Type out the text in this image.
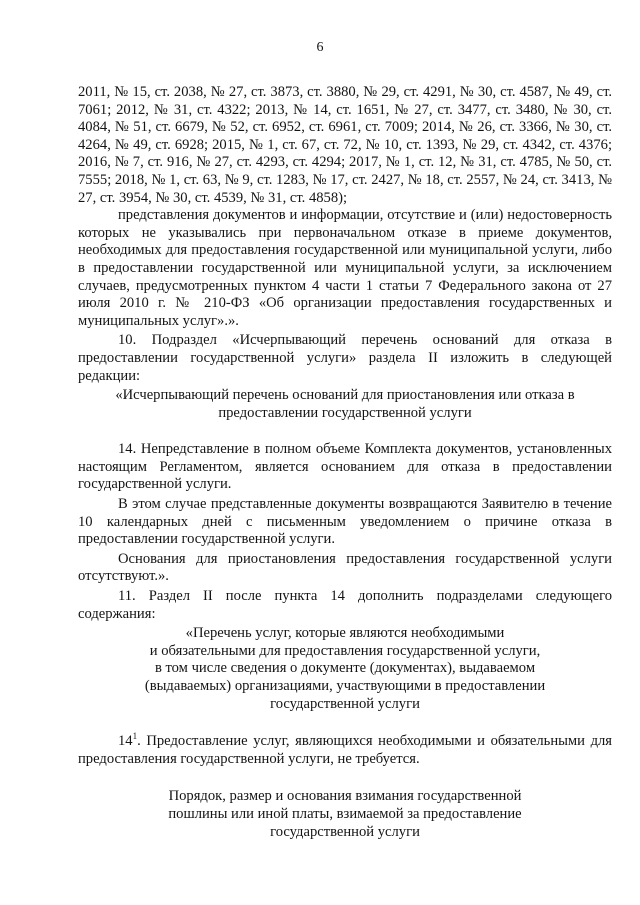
6
2011, № 15, ст. 2038, № 27, ст. 3873, ст. 3880, № 29, ст. 4291, № 30, ст. 4587, № 49, ст. 7061; 2012, № 31, ст. 4322; 2013, № 14, ст. 1651, № 27, ст. 3477, ст. 3480, № 30, ст. 4084, № 51, ст. 6679, № 52, ст. 6952, ст. 6961, ст. 7009; 2014, № 26, ст. 3366, № 30, ст. 4264, № 49, ст. 6928; 2015, № 1, ст. 67, ст. 72, № 10, ст. 1393, № 29, ст. 4342, ст. 4376; 2016, № 7, ст. 916, № 27, ст. 4293, ст. 4294; 2017, № 1, ст. 12, № 31, ст. 4785, № 50, ст. 7555; 2018, № 1, ст. 63, № 9, ст. 1283, № 17, ст. 2427, № 18, ст. 2557, № 24, ст. 3413, № 27, ст. 3954, № 30, ст. 4539, № 31, ст. 4858);
представления документов и информации, отсутствие и (или) недостоверность которых не указывались при первоначальном отказе в приеме документов, необходимых для предоставления государственной или муниципальной услуги, либо в предоставлении государственной или муниципальной услуги, за исключением случаев, предусмотренных пунктом 4 части 1 статьи 7 Федерального закона от 27 июля 2010 г. № 210-ФЗ «Об организации предоставления государственных и муниципальных услуг».».
10. Подраздел «Исчерпывающий перечень оснований для отказа в предоставлении государственной услуги» раздела II изложить в следующей редакции:
«Исчерпывающий перечень оснований для приостановления или отказа в
предоставлении государственной услуги
14. Непредставление в полном объеме Комплекта документов, установленных настоящим Регламентом, является основанием для отказа в предоставлении государственной услуги.
В этом случае представленные документы возвращаются Заявителю в течение 10 календарных дней с письменным уведомлением о причине отказа в предоставлении государственной услуги.
Основания для приостановления предоставления государственной услуги отсутствуют.».
11. Раздел II после пункта 14 дополнить подразделами следующего содержания:
«Перечень услуг, которые являются необходимыми
и обязательными для предоставления государственной услуги,
в том числе сведения о документе (документах), выдаваемом
(выдаваемых) организациями, участвующими в предоставлении
государственной услуги
$14^1$. Предоставление услуг, являющихся необходимыми и обязательными для предоставления государственной услуги, не требуется.
Порядок, размер и основания взимания государственной
пошлины или иной платы, взимаемой за предоставление
государственной услуги
